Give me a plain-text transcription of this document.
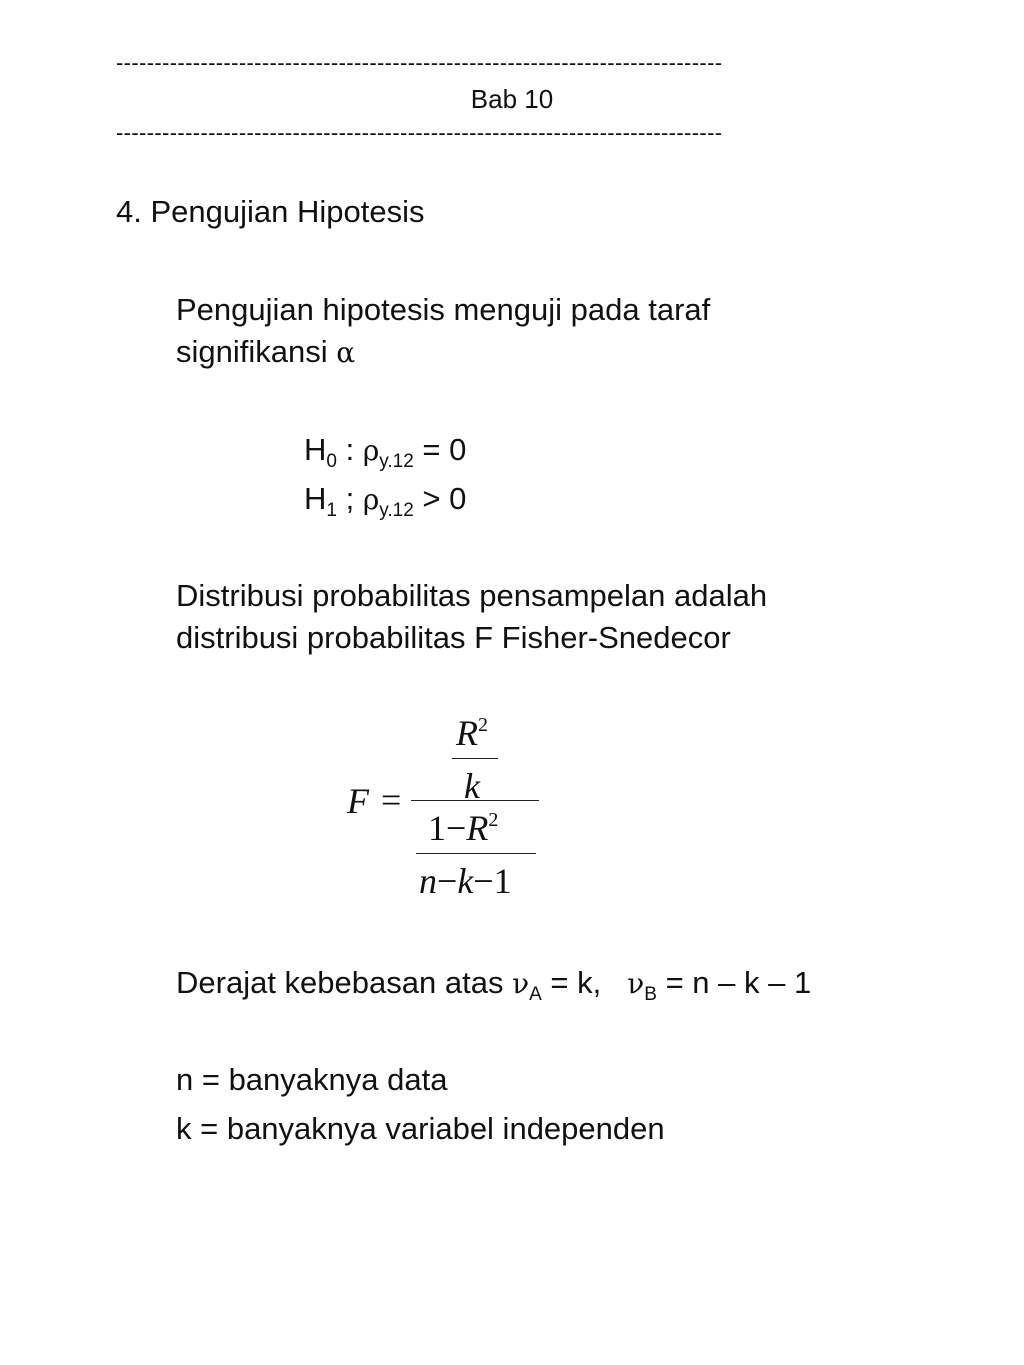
-------------------------------------------------------------------------------
Bab 10
-------------------------------------------------------------------------------
4. Pengujian Hipotesis
Pengujian hipotesis menguji pada taraf
signifikansi α
$H_0$ : $\rho_{y.12} = 0$
$H_1$ ; $\rho_{y.12} > 0$
Distribusi probabilitas pensampelan adalah
distribusi probabilitas F Fisher-Snedecor
F =
$R^2$
k
$1-R^2$
n−k−1
Derajat kebebasan atas $\nu_A = k$, $\nu_B = n - k - 1$
n = banyaknya data
k = banyaknya variabel independen
